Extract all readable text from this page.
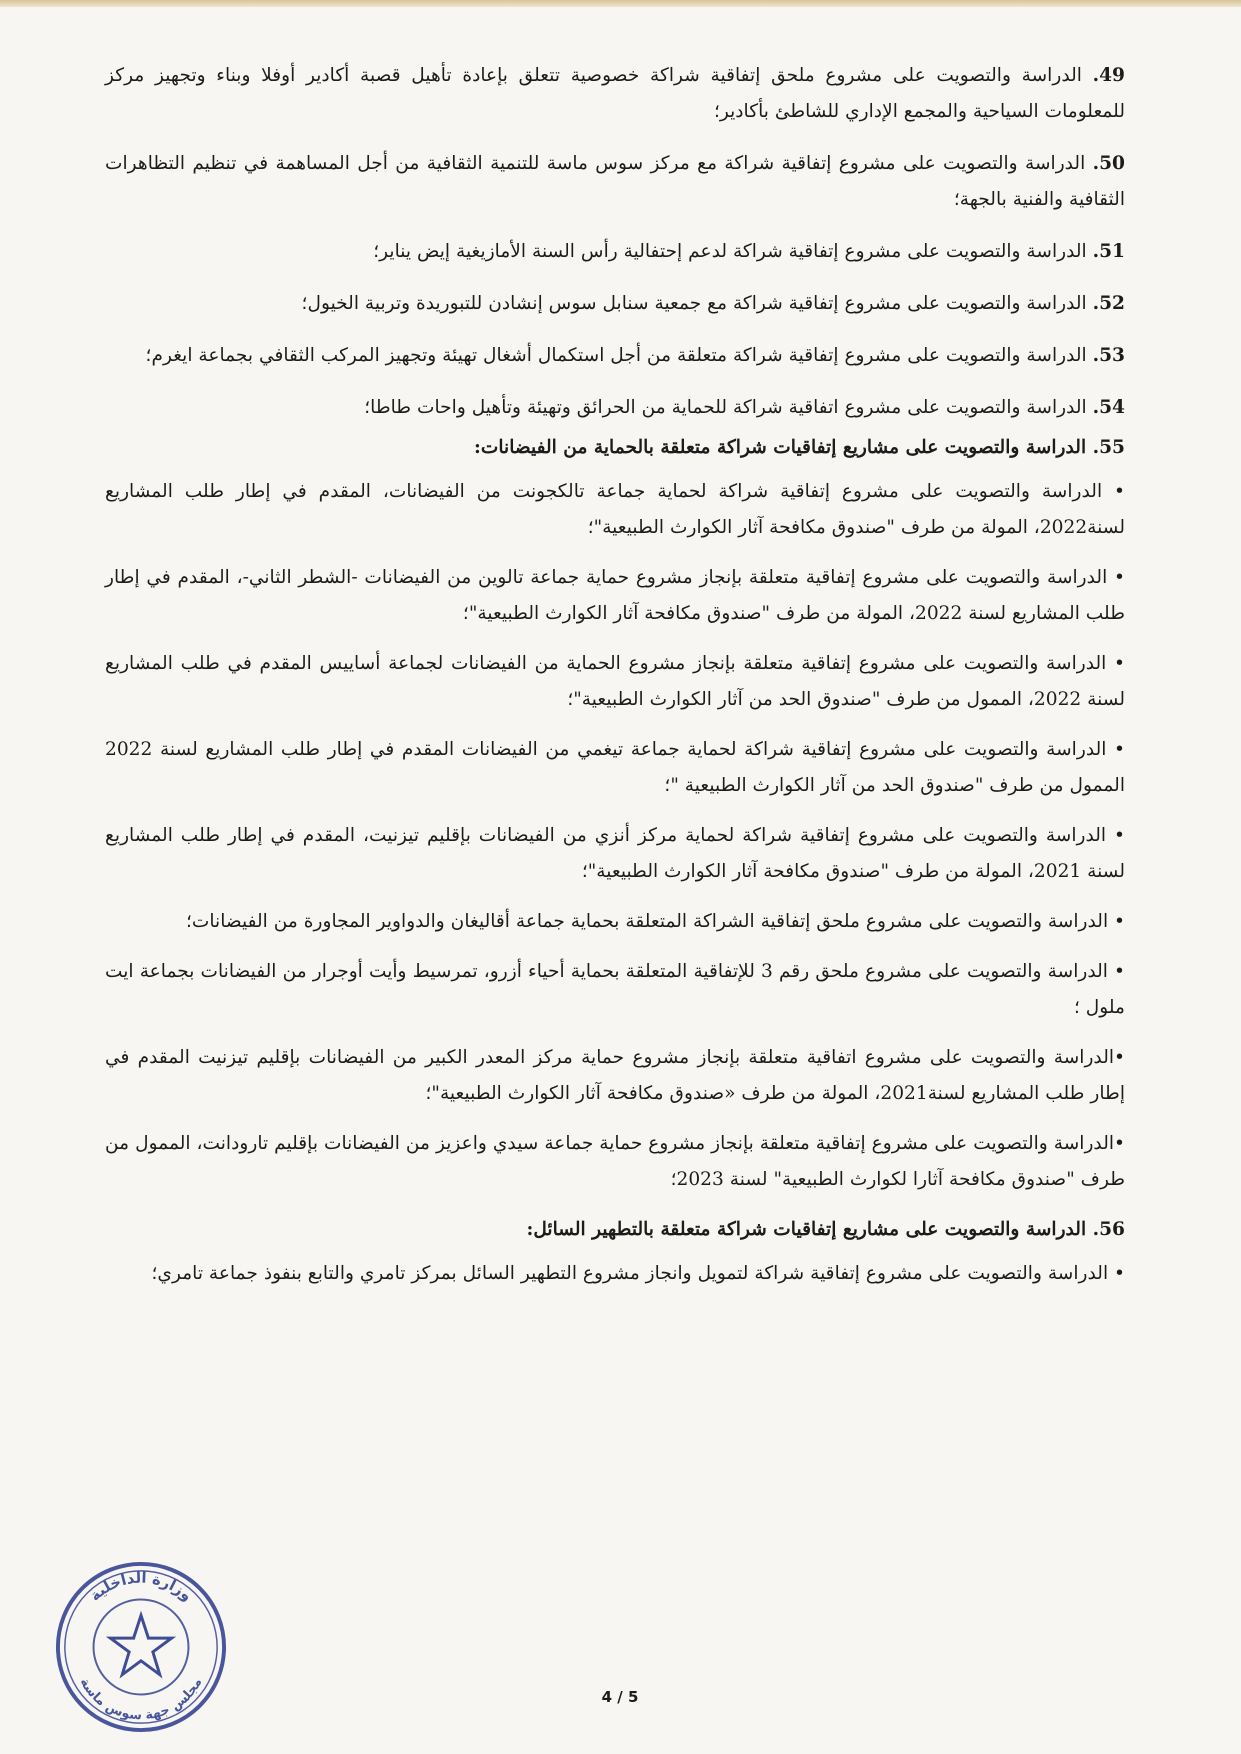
49. الدراسة والتصويت على مشروع ملحق إتفاقية شراكة خصوصية تتعلق بإعادة تأهيل قصبة أكادير أوفلا وبناء وتجهيز مركز للمعلومات السياحية والمجمع الإداري للشاطئ بأكادير؛
50. الدراسة والتصويت على مشروع إتفاقية شراكة مع مركز سوس ماسة للتنمية الثقافية من أجل المساهمة في تنظيم التظاهرات الثقافية والفنية بالجهة؛
51. الدراسة والتصويت على مشروع إتفاقية شراكة لدعم إحتفالية رأس السنة الأمازيغية إيض يناير؛
52. الدراسة والتصويت على مشروع إتفاقية شراكة مع جمعية سنابل سوس إنشادن للتبوريدة وتربية الخيول؛
53. الدراسة والتصويت على مشروع إتفاقية شراكة متعلقة من أجل استكمال أشغال تهيئة وتجهيز المركب الثقافي بجماعة ايغرم؛
54. الدراسة والتصويت على مشروع اتفاقية شراكة للحماية من الحرائق وتهيئة وتأهيل واحات طاطا؛
55. الدراسة والتصويت على مشاريع إتفاقيات شراكة متعلقة بالحماية من الفيضانات:
• الدراسة والتصويت على مشروع إتفاقية شراكة لحماية جماعة تالكجونت من الفيضانات، المقدم في إطار طلب المشاريع لسنة2022، المولة من طرف "صندوق مكافحة آثار الكوارث الطبيعية"؛
• الدراسة والتصويت على مشروع إتفاقية متعلقة بإنجاز مشروع حماية جماعة تالوين من الفيضانات -الشطر الثاني-، المقدم في إطار طلب المشاريع لسنة 2022، المولة من طرف "صندوق مكافحة آثار الكوارث الطبيعية"؛
• الدراسة والتصويت على مشروع إتفاقية متعلقة بإنجاز مشروع الحماية من الفيضانات لجماعة أساييس المقدم في طلب المشاريع لسنة 2022، الممول من طرف "صندوق الحد من آثار الكوارث الطبيعية"؛
• الدراسة والتصويت على مشروع إتفاقية شراكة لحماية جماعة تيغمي من الفيضانات المقدم في إطار طلب المشاريع لسنة 2022 الممول من طرف "صندوق الحد من آثار الكوارث الطبيعية "؛
• الدراسة والتصويت على مشروع إتفاقية شراكة لحماية مركز أنزي من الفيضانات بإقليم تيزنيت، المقدم في إطار طلب المشاريع لسنة 2021، المولة من طرف "صندوق مكافحة آثار الكوارث الطبيعية"؛
• الدراسة والتصويت على مشروع ملحق إتفاقية الشراكة المتعلقة بحماية جماعة أقاليغان والدواوير المجاورة من الفيضانات؛
• الدراسة والتصويت على مشروع ملحق رقم 3 للإتفاقية المتعلقة بحماية أحياء أزرو، تمرسيط وأيت أوجرار من الفيضانات بجماعة ايت ملول ؛
•الدراسة والتصويت على مشروع اتفاقية متعلقة بإنجاز مشروع حماية مركز المعدر الكبير من الفيضانات بإقليم تيزنيت المقدم في إطار طلب المشاريع لسنة2021، المولة من طرف «صندوق مكافحة آثار الكوارث الطبيعية"؛
•الدراسة والتصويت على مشروع إتفاقية متعلقة بإنجاز مشروع حماية جماعة سيدي واعزيز من الفيضانات بإقليم تارودانت، الممول من طرف "صندوق مكافحة آثارا لكوارث الطبيعية" لسنة 2023؛
56. الدراسة والتصويت على مشاريع إتفاقيات شراكة متعلقة بالتطهير السائل:
• الدراسة والتصويت على مشروع إتفاقية شراكة لتمويل وانجاز مشروع التطهير السائل بمركز تامري والتابع بنفوذ جماعة تامري؛
وزارة الداخلية
مجلس جهة سوس ماسة
4 / 5
